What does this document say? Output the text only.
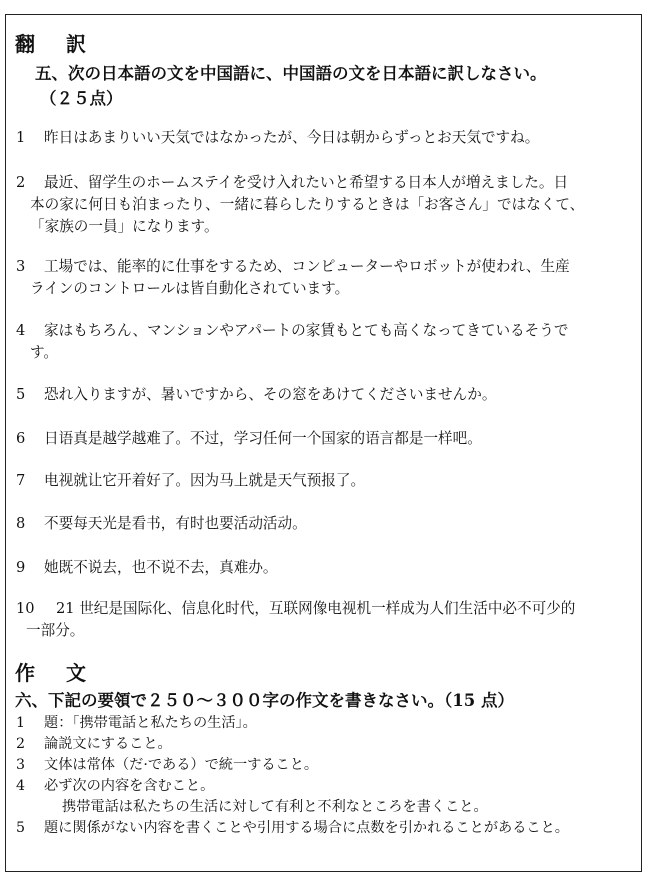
翻 訳
五、次の日本語の文を中国語に、中国語の文を日本語に訳しなさい。
（２５点）
1 昨日はあまりいい天気ではなかったが、今日は朝からずっとお天気ですね。
2 最近、留学生のホームステイを受け入れたいと希望する日本人が増えました。日
本の家に何日も泊まったり、一緒に暮らしたりするときは「お客さん」ではなくて、
「家族の一員」になります。
3 工場では、能率的に仕事をするため、コンピューターやロボットが使われ、生産
ラインのコントロールは皆自動化されています。
4 家はもちろん、マンションやアパートの家賃もとても高くなってきているそうで
す。
5 恐れ入りますが、暑いですから、その窓をあけてくださいませんか。
6 日语真是越学越难了。不过，学习任何一个国家的语言都是一样吧。
7 电视就让它开着好了。因为马上就是天气预报了。
8 不要每天光是看书，有时也要活动活动。
9 她既不说去，也不说不去，真难办。
10 21 世纪是国际化、信息化时代，互联网像电视机一样成为人们生活中必不可少的
一部分。
作 文
六、下記の要領で２５０～３００字の作文を書きなさい。（15 点）
1 題：「携帯電話と私たちの生活」。
2 論説文にすること。
3 文体は常体（だ·である）で統一すること。
4 必ず次の内容を含むこと。
携帯電話は私たちの生活に対して有利と不利なところを書くこと。
5 題に関係がない内容を書くことや引用する場合に点数を引かれることがあること。
